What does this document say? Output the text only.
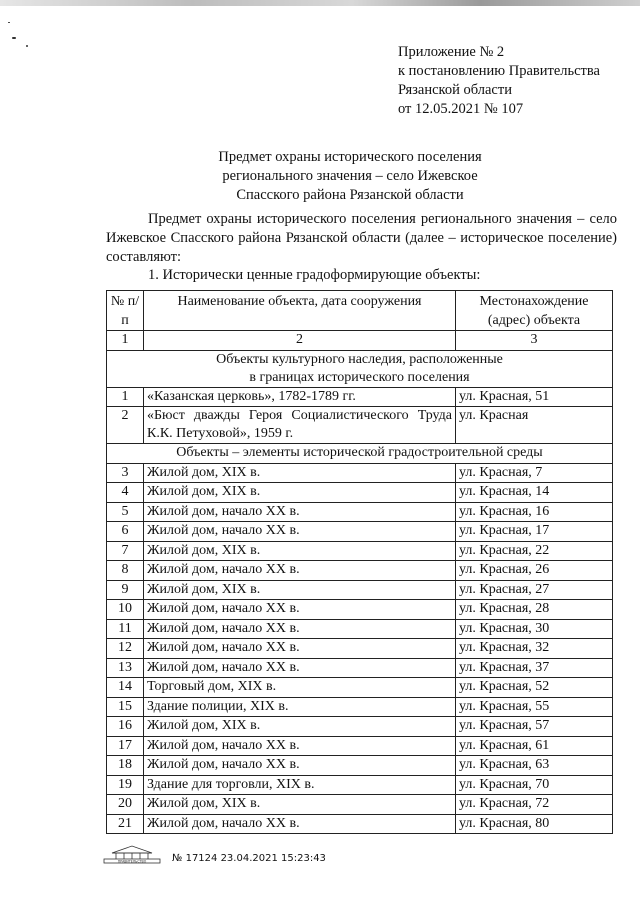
Приложение № 2
к постановлению Правительства
Рязанской области
от 12.05.2021 № 107
Предмет охраны исторического поселения
регионального значения – село Ижевское
Спасского района Рязанской области

Предмет охраны исторического поселения регионального значения – село Ижевское Спасского района Рязанской области (далее – историческое поселение) составляют:

1. Исторически ценные градоформирующие объекты:
№ п/п	Наименование объекта, дата сооружения	Местонахождение (адрес) объекта
1	2	3

Объекты культурного наследия, расположенные
в границах исторического поселения		

1	«Казанская церковь», 1782-1789 гг.	ул. Красная, 51
2	«Бюст дважды Героя Социалистического Труда К.К. Петуховой», 1959 г.	ул. Красная
Объекты – элементы исторической градостроительной среды		
3	Жилой дом, XIX в.	ул. Красная, 7
4	Жилой дом, XIX в.	ул. Красная, 14
5	Жилой дом, начало XX в.	ул. Красная, 16
6	Жилой дом, начало XX в.	ул. Красная, 17
7	Жилой дом, XIX в.	ул. Красная, 22
8	Жилой дом, начало XX в.	ул. Красная, 26
9	Жилой дом, XIX в.	ул. Красная, 27
10	Жилой дом, начало XX в.	ул. Красная, 28
11	Жилой дом, начало XX в.	ул. Красная, 30
12	Жилой дом, начало XX в.	ул. Красная, 32
13	Жилой дом, начало XX в.	ул. Красная, 37
14	Торговый дом, XIX в.	ул. Красная, 52
15	Здание полиции, XIX в.	ул. Красная, 55
16	Жилой дом, XIX в.	ул. Красная, 57
17	Жилой дом, начало XX в.	ул. Красная, 61
18	Жилой дом, начало XX в.	ул. Красная, 63
19	Здание для торговли, XIX в.	ул. Красная, 70
20	Жилой дом, XIX в.	ул. Красная, 72
21	Жилой дом, начало XX в.	ул. Красная, 80
ПРАВИТЕЛЬСТВО	№ 17124 23.04.2021 15:23:43
